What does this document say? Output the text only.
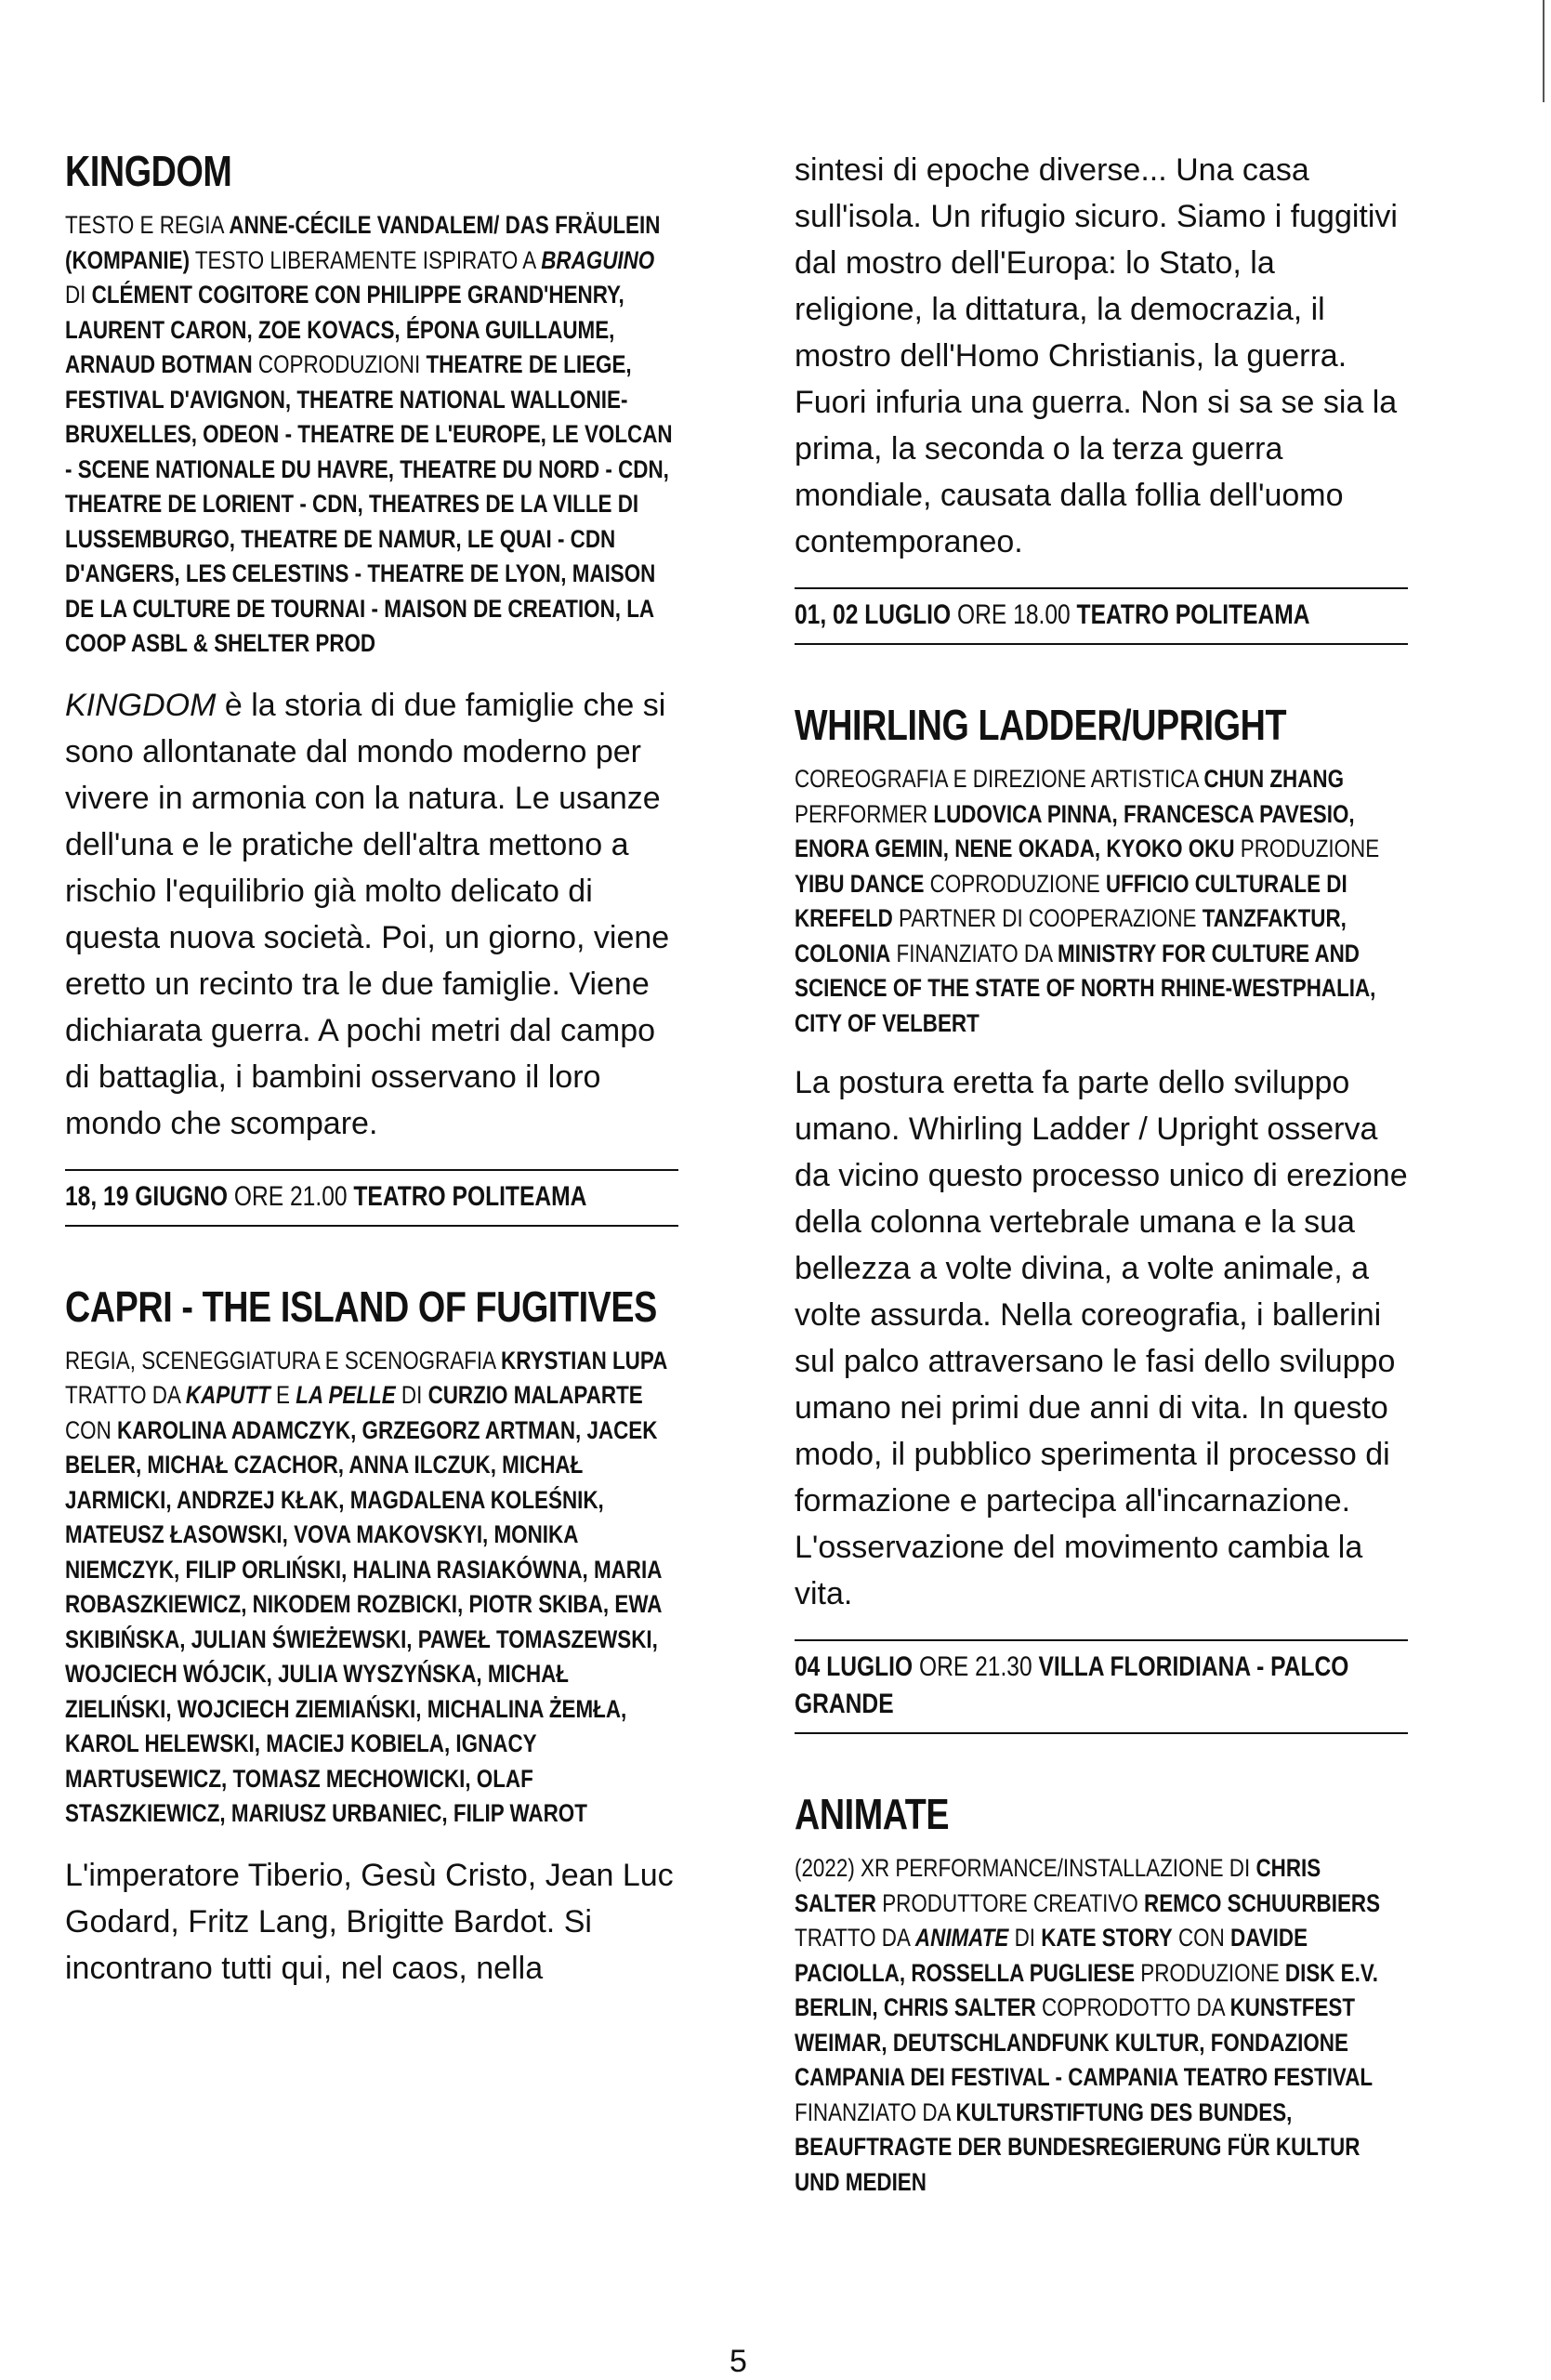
KINGDOM

TESTO E REGIA ANNE-CÉCILE VANDALEM/ DAS FRÄULEIN (KOMPANIE) TESTO LIBERAMENTE ISPIRATO A BRAGUINO DI CLÉMENT COGITORE CON PHILIPPE GRAND'HENRY, LAURENT CARON, ZOE KOVACS, ÉPONA GUILLAUME, ARNAUD BOTMAN COPRODUZIONI THEATRE DE LIEGE, FESTIVAL D'AVIGNON, THEATRE NATIONAL WALLONIE-BRUXELLES, ODEON - THEATRE DE L'EUROPE, LE VOLCAN - SCENE NATIONALE DU HAVRE, THEATRE DU NORD - CDN, THEATRE DE LORIENT - CDN, THEATRES DE LA VILLE DI LUSSEMBURGO, THEATRE DE NAMUR, LE QUAI - CDN D'ANGERS, LES CELESTINS - THEATRE DE LYON, MAISON DE LA CULTURE DE TOURNAI - MAISON DE CREATION, LA COOP ASBL & SHELTER PROD

KINGDOM è la storia di due famiglie che si sono allontanate dal mondo moderno per vivere in armonia con la natura. Le usanze dell'una e le pratiche dell'altra mettono a rischio l'equilibrio già molto delicato di questa nuova società. Poi, un giorno, viene eretto un recinto tra le due famiglie. Viene dichiarata guerra. A pochi metri dal campo di battaglia, i bambini osservano il loro mondo che scompare.

18, 19 GIUGNO ORE 21.00 TEATRO POLITEAMA
CAPRI - THE ISLAND OF FUGITIVES

REGIA, SCENEGGIATURA E SCENOGRAFIA KRYSTIAN LUPA TRATTO DA KAPUTT E LA PELLE DI CURZIO MALAPARTE CON KAROLINA ADAMCZYK, GRZEGORZ ARTMAN, JACEK BELER, MICHAŁ CZACHOR, ANNA ILCZUK, MICHAŁ JARMICKI, ANDRZEJ KŁAK, MAGDALENA KOLEŚNIK, MATEUSZ ŁASOWSKI, VOVA MAKOVSKYI, MONIKA NIEMCZYK, FILIP ORLIŃSKI, HALINA RASIAKÓWNA, MARIA ROBASZKIEWICZ, NIKODEM ROZBICKI, PIOTR SKIBA, EWA SKIBIŃSKA, JULIAN ŚWIEŻEWSKI, PAWEŁ TOMASZEWSKI, WOJCIECH WÓJCIK, JULIA WYSZYŃSKA, MICHAŁ ZIELIŃSKI, WOJCIECH ZIEMIAŃSKI, MICHALINA ŻEMŁA, KAROL HELEWSKI, MACIEJ KOBIELA, IGNACY MARTUSEWICZ, TOMASZ MECHOWICKI, OLAF STASZKIEWICZ, MARIUSZ URBANIEC, FILIP WAROT

L'imperatore Tiberio, Gesù Cristo, Jean Luc Godard, Fritz Lang, Brigitte Bardot. Si incontrano tutti qui, nel caos, nella

sintesi di epoche diverse... Una casa sull'isola. Un rifugio sicuro. Siamo i fuggitivi dal mostro dell'Europa: lo Stato, la religione, la dittatura, la democrazia, il mostro dell'Homo Christianis, la guerra. Fuori infuria una guerra. Non si sa se sia la prima, la seconda o la terza guerra mondiale, causata dalla follia dell'uomo contemporaneo.

01, 02 LUGLIO ORE 18.00 TEATRO POLITEAMA
WHIRLING LADDER/UPRIGHT

COREOGRAFIA E DIREZIONE ARTISTICA CHUN ZHANG PERFORMER LUDOVICA PINNA, FRANCESCA PAVESIO, ENORA GEMIN, NENE OKADA, KYOKO OKU PRODUZIONE YIBU DANCE COPRODUZIONE UFFICIO CULTURALE DI KREFELD PARTNER DI COOPERAZIONE TANZFAKTUR, COLONIA FINANZIATO DA MINISTRY FOR CULTURE AND SCIENCE OF THE STATE OF NORTH RHINE-WESTPHALIA, CITY OF VELBERT

La postura eretta fa parte dello sviluppo umano. Whirling Ladder / Upright osserva da vicino questo processo unico di erezione della colonna vertebrale umana e la sua bellezza a volte divina, a volte animale, a volte assurda. Nella coreografia, i ballerini sul palco attraversano le fasi dello sviluppo umano nei primi due anni di vita. In questo modo, il pubblico sperimenta il processo di formazione e partecipa all'incarnazione. L'osservazione del movimento cambia la vita.

04 LUGLIO ORE 21.30 VILLA FLORIDIANA - PALCO GRANDE
ANIMATE

(2022) XR PERFORMANCE/INSTALLAZIONE DI CHRIS SALTER PRODUTTORE CREATIVO REMCO SCHUURBIERS TRATTO DA ANIMATE DI KATE STORY CON DAVIDE PACIOLLA, ROSSELLA PUGLIESE PRODUZIONE DISK E.V. BERLIN, CHRIS SALTER COPRODOTTO DA KUNSTFEST WEIMAR, DEUTSCHLANDFUNK KULTUR, FONDAZIONE CAMPANIA DEI FESTIVAL - CAMPANIA TEATRO FESTIVAL FINANZIATO DA KULTURSTIFTUNG DES BUNDES, BEAUFTRAGTE DER BUNDESREGIERUNG FÜR KULTUR UND MEDIEN

5
